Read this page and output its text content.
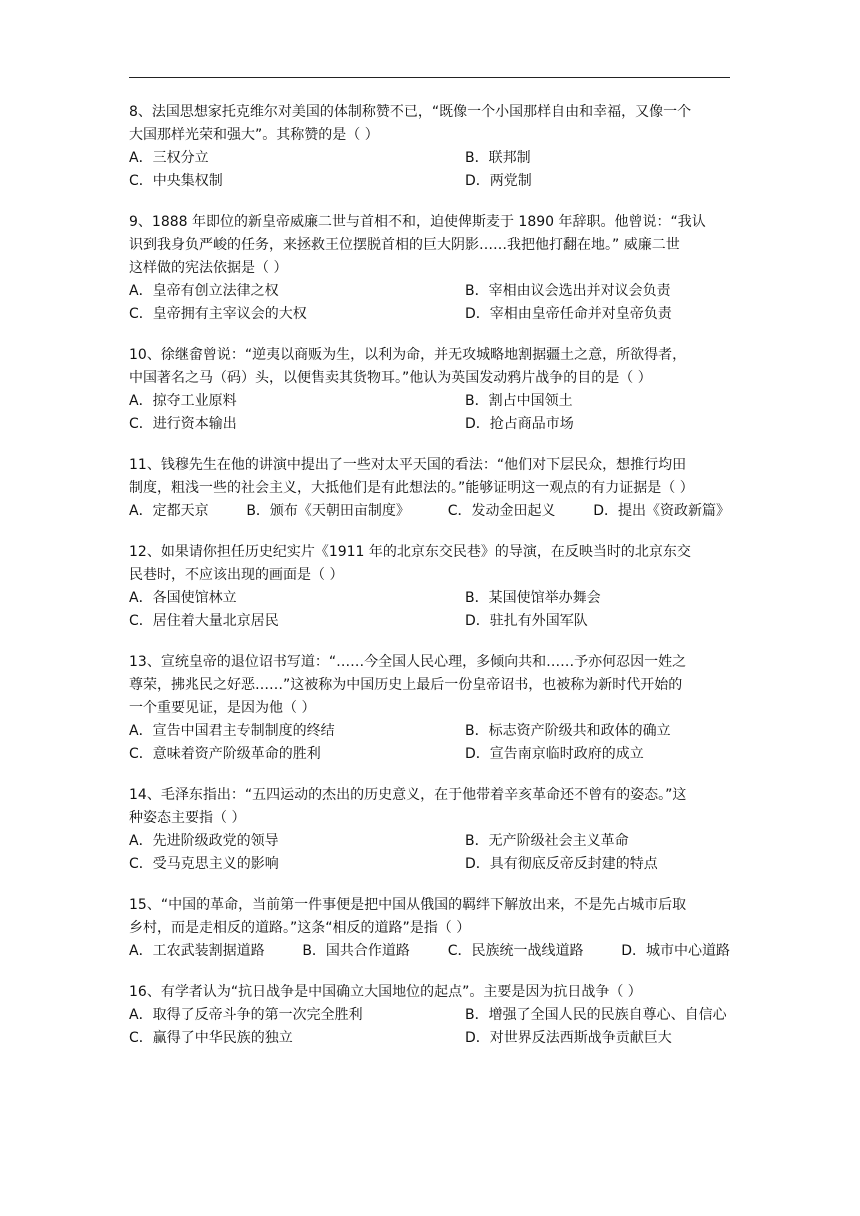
8、法国思想家托克维尔对美国的体制称赞不已，“既像一个小国那样自由和幸福，又像一个

大国那样光荣和强大”。其称赞的是（ ）

A．三权分立	B．联邦制
C．中央集权制	D．两党制

9、1888 年即位的新皇帝威廉二世与首相不和，迫使俾斯麦于 1890 年辞职。他曾说：“我认

识到我身负严峻的任务，来拯救王位摆脱首相的巨大阴影……我把他打翻在地。” 威廉二世

这样做的宪法依据是（ ）

A．皇帝有创立法律之权	B．宰相由议会选出并对议会负责
C．皇帝拥有主宰议会的大权	D．宰相由皇帝任命并对皇帝负责

10、徐继畲曾说：“逆夷以商贩为生，以利为命，并无攻城略地割据疆土之意，所欲得者，

中国著名之马（码）头，以便售卖其货物耳。”他认为英国发动鸦片战争的目的是（ ）

A．掠夺工业原料	B．割占中国领土
C．进行资本输出	D．抢占商品市场

11、钱穆先生在他的讲演中提出了一些对太平天国的看法：“他们对下层民众，想推行均田

制度，粗浅一些的社会主义，大抵他们是有此想法的。”能够证明这一观点的有力证据是（ ）

A．定都天京	B．颁布《天朝田亩制度》	C．发动金田起义	D．提出《资政新篇》

12、如果请你担任历史纪实片《1911 年的北京东交民巷》的导演，在反映当时的北京东交

民巷时，不应该出现的画面是（ ）

A．各国使馆林立	B．某国使馆举办舞会
C．居住着大量北京居民	D．驻扎有外国军队

13、宣统皇帝的退位诏书写道：“……今全国人民心理，多倾向共和……予亦何忍因一姓之

尊荣，拂兆民之好恶……”这被称为中国历史上最后一份皇帝诏书，也被称为新时代开始的

一个重要见证，是因为他（ ）

A．宣告中国君主专制制度的终结	B．标志资产阶级共和政体的确立
C．意味着资产阶级革命的胜利	D．宣告南京临时政府的成立

14、毛泽东指出：“五四运动的杰出的历史意义，在于他带着辛亥革命还不曾有的姿态。”这

种姿态主要指（ ）

A．先进阶级政党的领导	B．无产阶级社会主义革命
C．受马克思主义的影响	D．具有彻底反帝反封建的特点

15、“中国的革命，当前第一件事便是把中国从俄国的羁绊下解放出来，不是先占城市后取

乡村，而是走相反的道路。”这条“相反的道路”是指（ ）

A．工农武装割据道路	B．国共合作道路	C．民族统一战线道路	D．城市中心道路

16、有学者认为“抗日战争是中国确立大国地位的起点”。主要是因为抗日战争（ ）

A．取得了反帝斗争的第一次完全胜利	B．增强了全国人民的民族自尊心、自信心
C．赢得了中华民族的独立	D．对世界反法西斯战争贡献巨大
